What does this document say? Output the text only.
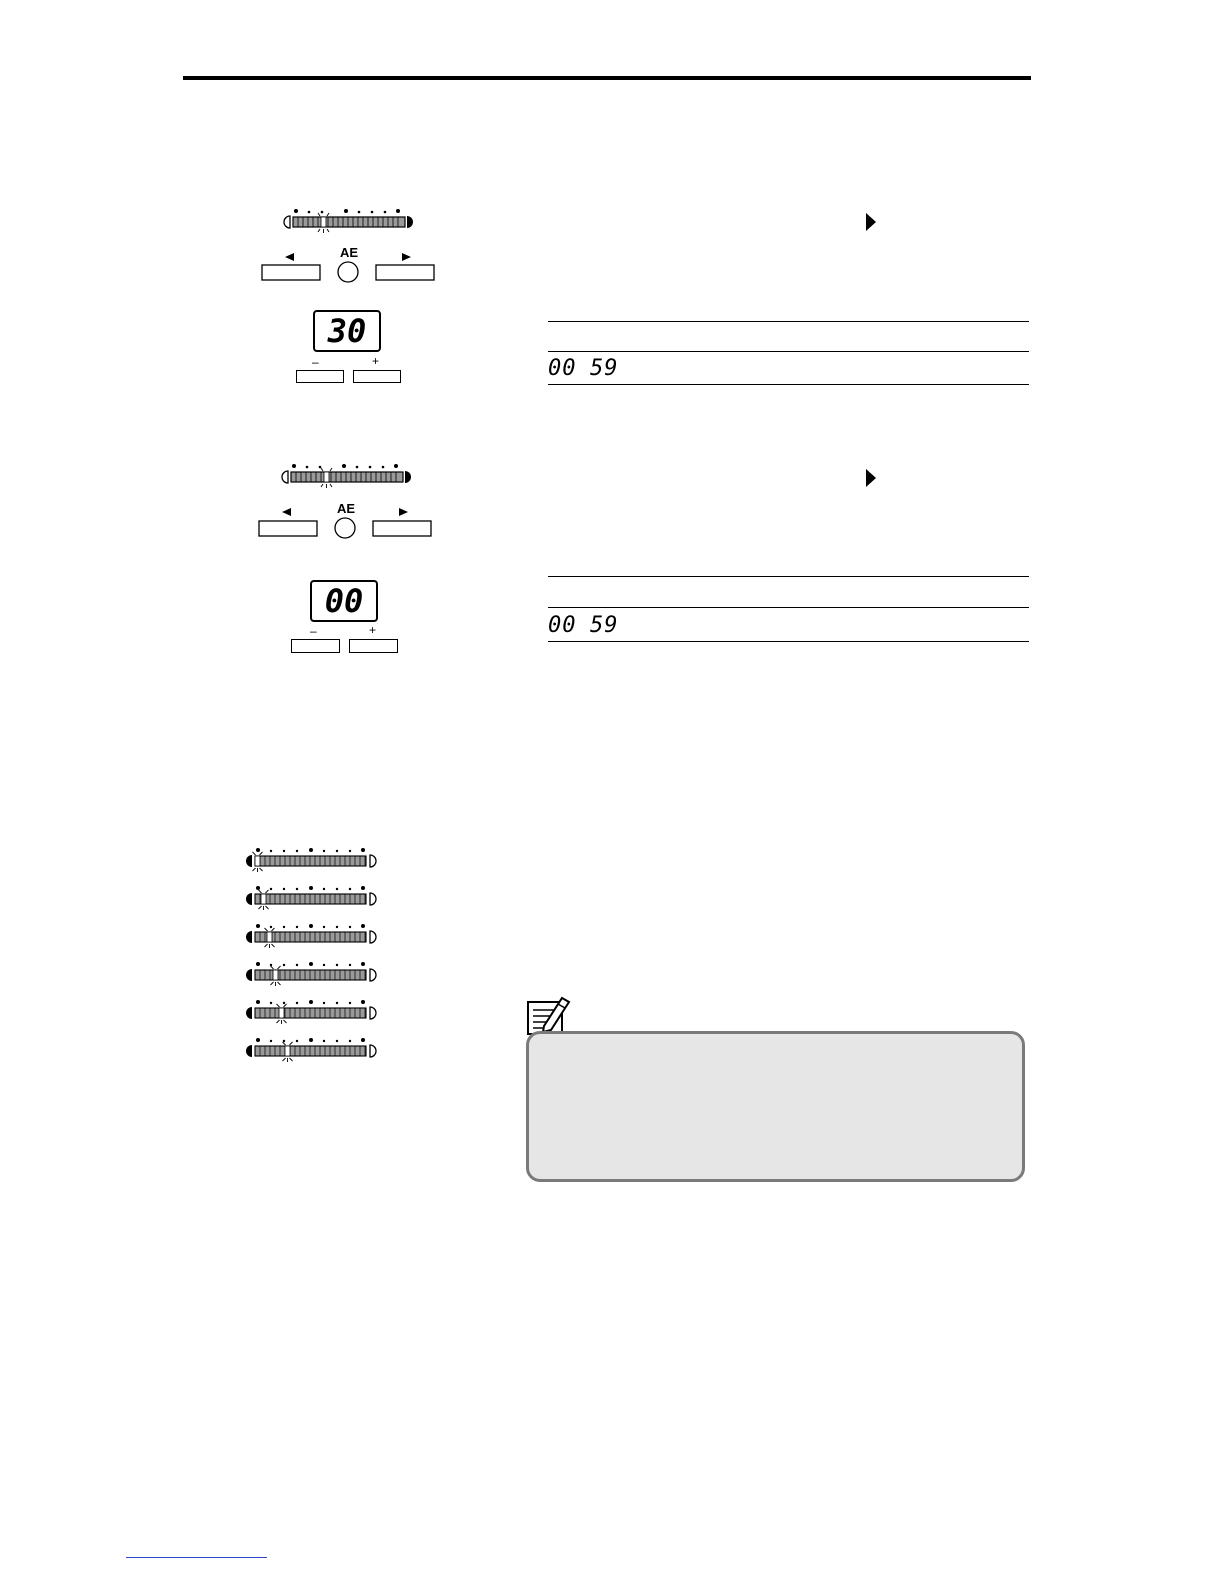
AE
30
–	+	00 59
AE
00
–	+	00 59
